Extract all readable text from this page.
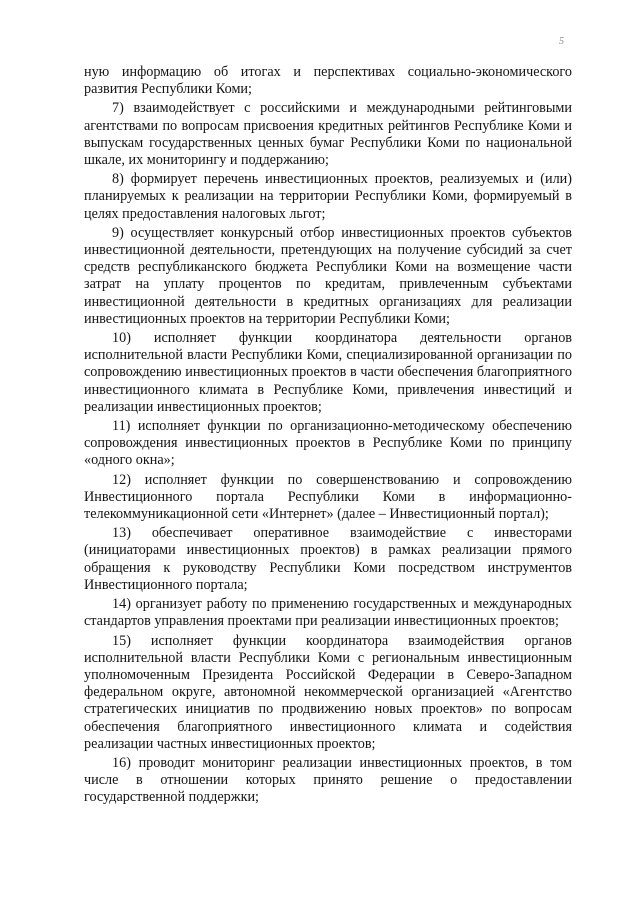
5

ную информацию об итогах и перспективах социально-экономического развития Республики Коми;

7) взаимодействует с российскими и международными рейтинговыми агентствами по вопросам присвоения кредитных рейтингов Республике Коми и выпускам государственных ценных бумаг Республики Коми по национальной шкале, их мониторингу и поддержанию;

8) формирует перечень инвестиционных проектов, реализуемых и (или) планируемых к реализации на территории Республики Коми, формируемый в целях предоставления налоговых льгот;

9) осуществляет конкурсный отбор инвестиционных проектов субъектов инвестиционной деятельности, претендующих на получение субсидий за счет средств республиканского бюджета Республики Коми на возмещение части затрат на уплату процентов по кредитам, привлеченным субъектами инвестиционной деятельности в кредитных организациях для реализации инвестиционных проектов на территории Республики Коми;

10) исполняет функции координатора деятельности органов исполнительной власти Республики Коми, специализированной организации по сопровождению инвестиционных проектов в части обеспечения благоприятного инвестиционного климата в Республике Коми, привлечения инвестиций и реализации инвестиционных проектов;

11) исполняет функции по организационно-методическому обеспечению сопровождения инвестиционных проектов в Республике Коми по принципу «одного окна»;

12) исполняет функции по совершенствованию и сопровождению Инвестиционного портала Республики Коми в информационно-телекоммуникационной сети «Интернет» (далее – Инвестиционный портал);

13) обеспечивает оперативное взаимодействие с инвесторами (инициаторами инвестиционных проектов) в рамках реализации прямого обращения к руководству Республики Коми посредством инструментов Инвестиционного портала;

14) организует работу по применению государственных и международных стандартов управления проектами при реализации инвестиционных проектов;

15) исполняет функции координатора взаимодействия органов исполнительной власти Республики Коми с региональным инвестиционным уполномоченным Президента Российской Федерации в Северо-Западном федеральном округе, автономной некоммерческой организацией «Агентство стратегических инициатив по продвижению новых проектов» по вопросам обеспечения благоприятного инвестиционного климата и содействия реализации частных инвестиционных проектов;

16) проводит мониторинг реализации инвестиционных проектов, в том числе в отношении которых принято решение о предоставлении государственной поддержки;
